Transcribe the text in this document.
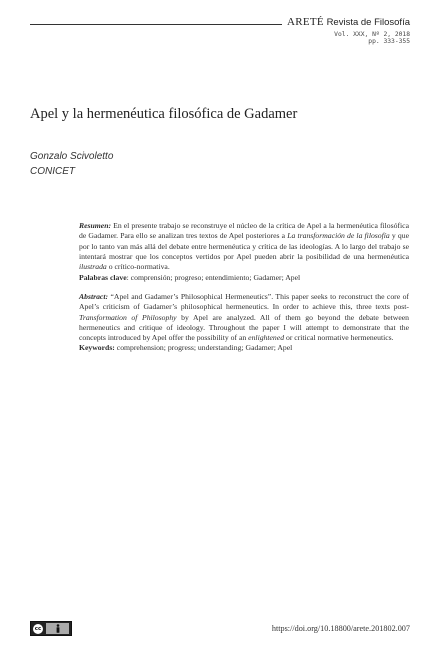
ARETÉ Revista de Filosofía
Vol. XXX, Nº 2, 2018
pp. 333-355
Apel y la hermenéutica filosófica de Gadamer
Gonzalo Scivoletto
CONICET

Resumen: En el presente trabajo se reconstruye el núcleo de la crítica de Apel a la hermenéutica filosófica de Gadamer. Para ello se analizan tres textos de Apel posteriores a La transformación de la filosofía y que por lo tanto van más allá del debate entre hermenéutica y crítica de las ideologías. A lo largo del trabajo se intentará mostrar que los conceptos vertidos por Apel pueden abrir la posibilidad de una hermenéutica ilustrada o crítico-normativa.

Palabras clave: comprensión; progreso; entendimiento; Gadamer; Apel

Abstract: “Apel and Gadamer’s Philosophical Hermeneutics”. This paper seeks to reconstruct the core of Apel’s criticism of Gadamer’s philosophical hermeneutics. In order to achieve this, three texts post-Transformation of Philosophy by Apel are analyzed. All of them go beyond the debate between hermeneutics and critique of ideology. Throughout the paper I will attempt to demonstrate that the concepts introduced by Apel offer the possibility of an enlightened or critical normative hermeneutics.

Keywords: comprehension; progress; understanding; Gadamer; Apel

cc	https://doi.org/10.18800/arete.201802.007
